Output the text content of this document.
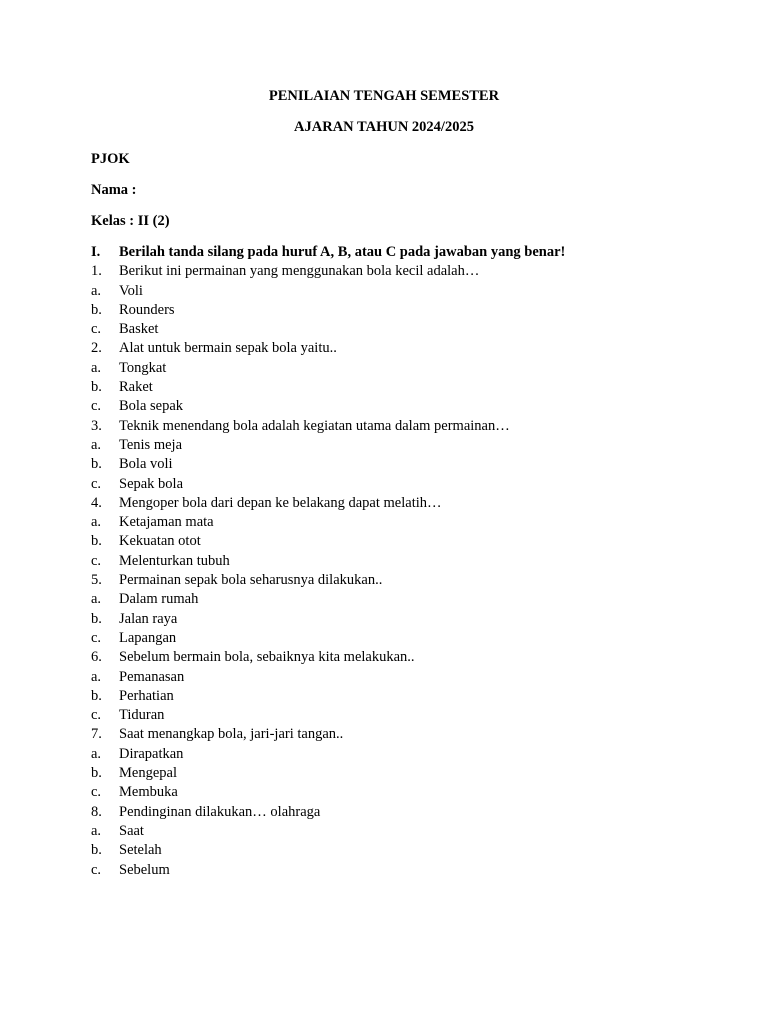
PENILAIAN TENGAH SEMESTER
AJARAN TAHUN 2024/2025
PJOK
Nama :
Kelas : II (2)
I. Berilah tanda silang pada huruf A, B, atau C pada jawaban yang benar!
1. Berikut ini permainan yang menggunakan bola kecil adalah…
a. Voli
b. Rounders
c. Basket
2. Alat untuk bermain sepak bola yaitu..
a. Tongkat
b. Raket
c. Bola sepak
3. Teknik menendang bola adalah kegiatan utama dalam permainan…
a. Tenis meja
b. Bola voli
c. Sepak bola
4. Mengoper bola dari depan ke belakang dapat melatih…
a. Ketajaman mata
b. Kekuatan otot
c. Melenturkan tubuh
5. Permainan sepak bola seharusnya dilakukan..
a. Dalam rumah
b. Jalan raya
c. Lapangan
6. Sebelum bermain bola, sebaiknya kita melakukan..
a. Pemanasan
b. Perhatian
c. Tiduran
7. Saat menangkap bola, jari-jari tangan..
a. Dirapatkan
b. Mengepal
c. Membuka
8. Pendinginan dilakukan… olahraga
a. Saat
b. Setelah
c. Sebelum
